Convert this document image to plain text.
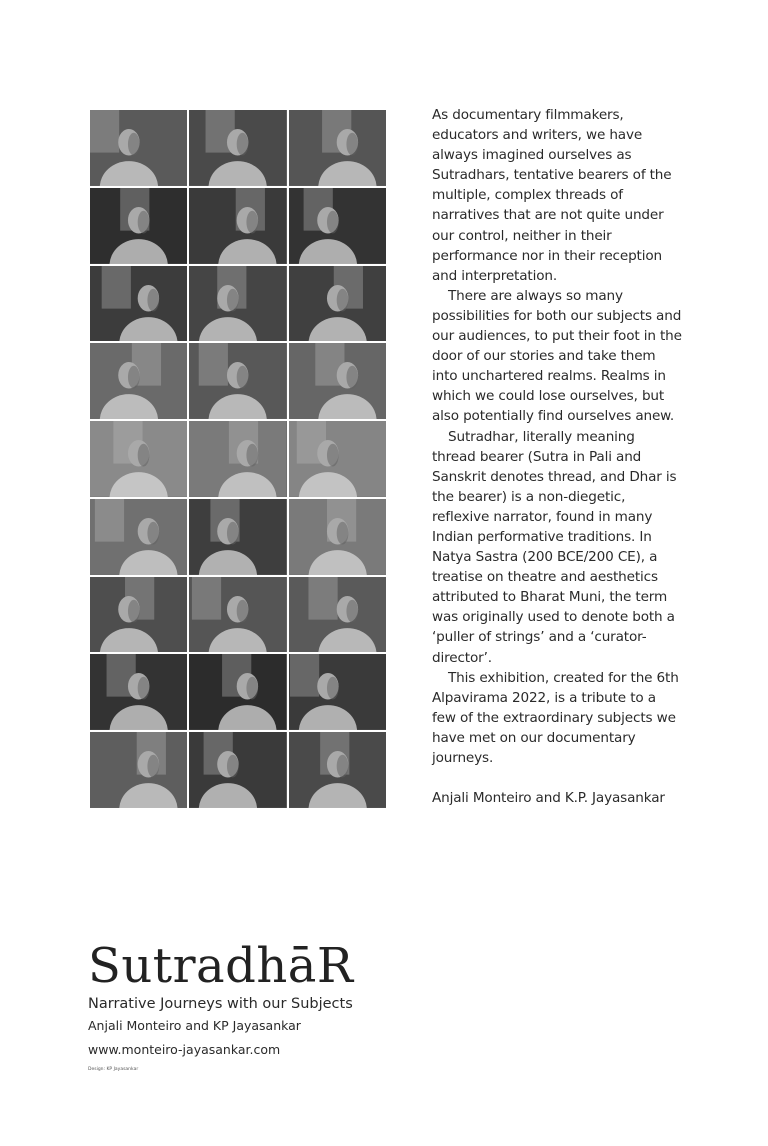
As documentary filmmakers, educators and writers, we have always imagined ourselves as Sutradhars, tentative bearers of the multiple, complex threads of narratives that are not quite under our control, neither in their performance nor in their reception and interpretation.

There are always so many possibilities for both our subjects and our audiences, to put their foot in the door of our stories and take them into unchartered realms. Realms in which we could lose ourselves, but also potentially find ourselves anew.

Sutradhar, literally meaning thread bearer (Sutra in Pali and Sanskrit denotes thread, and Dhar is the bearer) is a non-diegetic, reflexive narrator, found in many Indian performative traditions. In Natya Sastra (200 BCE/200 CE), a treatise on theatre and aesthetics attributed to Bharat Muni, the term was originally used to denote both a ‘puller of strings’ and a ‘curator-director’.

This exhibition, created for the 6th Alpavirama 2022, is a tribute to a few of the extraordinary subjects we have met on our documentary journeys.

Anjali Monteiro and K.P. Jayasankar

SutradhāR
Narrative Journeys with our Subjects
Anjali Monteiro and KP Jayasankar
www.monteiro-jayasankar.com
Design: KP Jayasankar
